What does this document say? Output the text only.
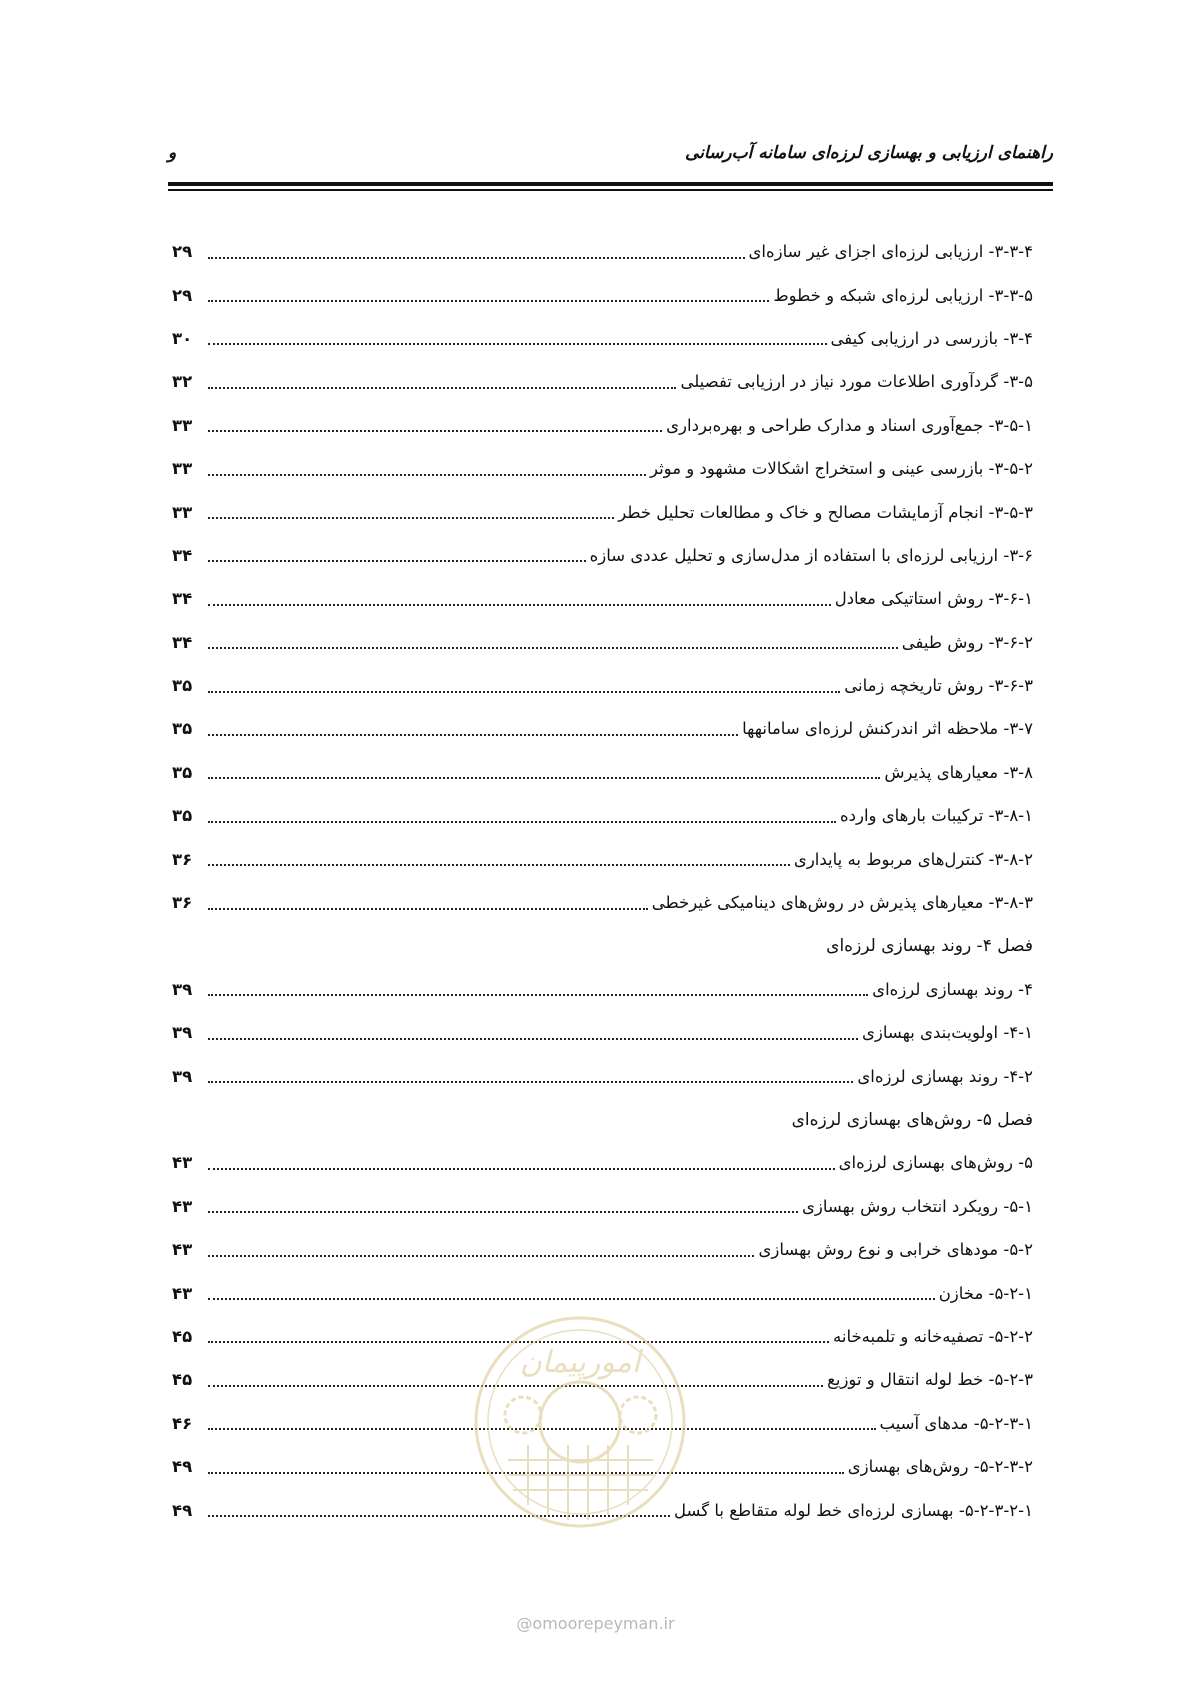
راهنمای ارزیابی و بهسازی لرزه‌ای سامانه آب‌رسانی
و
۳-۳-۴- ارزیابی لرزه‌ای اجزای غیر سازه‌ای
۲۹
۳-۳-۵- ارزیابی لرزه‌ای شبکه و خطوط
۲۹
۳-۴- بازرسی در ارزیابی کیفی
۳۰
۳-۵- گردآوری اطلاعات مورد نیاز در ارزیابی تفصیلی
۳۲
۳-۵-۱- جمع‌آوری اسناد و مدارک طراحی و بهره‌برداری
۳۳
۳-۵-۲- بازرسی عینی و استخراج اشکالات مشهود و موثر
۳۳
۳-۵-۳- انجام آزمایشات مصالح و خاک و مطالعات تحلیل خطر
۳۳
۳-۶- ارزیابی لرزه‌ای با استفاده از مدل‌سازی و تحلیل عددی سازه
۳۴
۳-۶-۱- روش استاتیکی معادل
۳۴
۳-۶-۲- روش طیفی
۳۴
۳-۶-۳- روش تاریخچه زمانی
۳۵
۳-۷- ملاحظه اثر اندرکنش لرزه‌ای سامانهها
۳۵
۳-۸- معیارهای پذیرش
۳۵
۳-۸-۱- ترکیبات بارهای وارده
۳۵
۳-۸-۲- کنترل‌های مربوط به پایداری
۳۶
۳-۸-۳- معیارهای پذیرش در روش‌های دینامیکی غیرخطی
۳۶
فصل ۴- روند بهسازی لرزه‌ای
۴- روند بهسازی لرزه‌ای
۳۹
۴-۱- اولویت‌بندی بهسازی
۳۹
۴-۲- روند بهسازی لرزه‌ای
۳۹
فصل ۵- روش‌های بهسازی لرزه‌ای
۵- روش‌های بهسازی لرزه‌ای
۴۳
۵-۱- رویکرد انتخاب روش بهسازی
۴۳
۵-۲- مودهای خرابی و نوع روش بهسازی
۴۳
۵-۲-۱- مخازن
۴۳
۵-۲-۲- تصفیه‌خانه و تلمبه‌خانه
۴۵
۵-۲-۳- خط لوله انتقال و توزیع
۴۵
۵-۲-۳-۱- مدهای آسیب
۴۶
۵-۲-۳-۲- روش‌های بهسازی
۴۹
۵-۲-۳-۲-۱- بهسازی لرزه‌ای خط لوله متقاطع با گسل
۴۹
امورپیمان
@omoorepeyman.ir
